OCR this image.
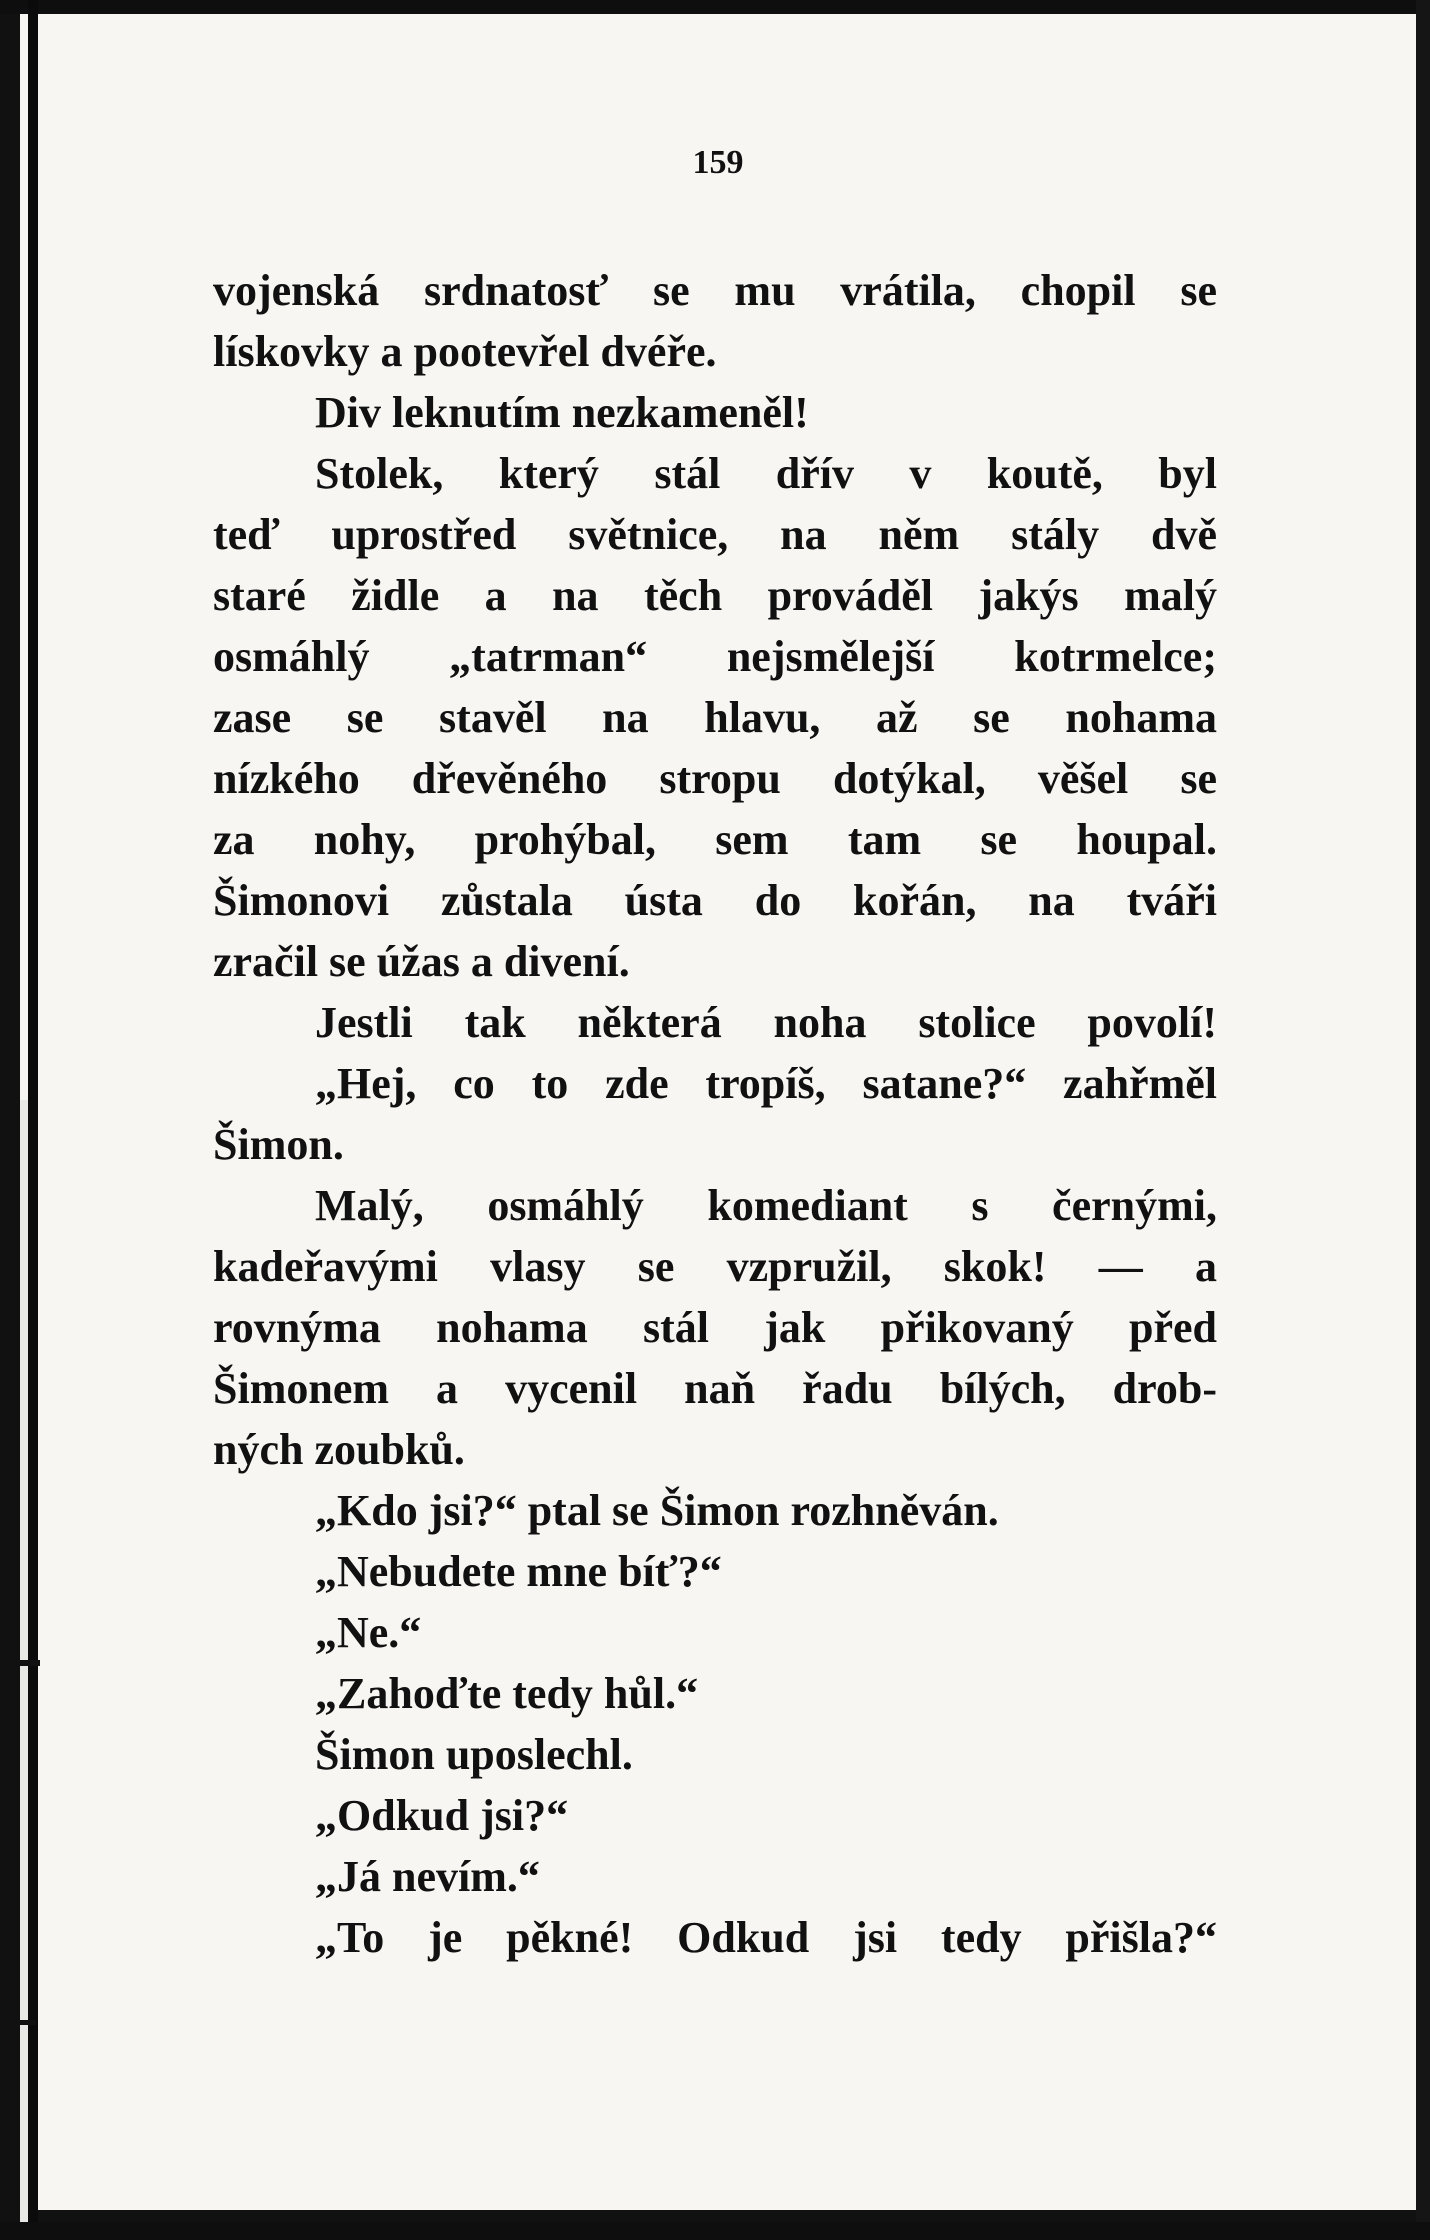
159

vojenská srdnatosť se mu vrátila, chopil se
lískovky a pootevřel dvéře.
Div leknutím nezkameněl!
Stolek, který stál dřív v koutě, byl
teď uprostřed světnice, na něm stály dvě
staré židle a na těch prováděl jakýs malý
osmáhlý „tatrman“ nejsmělejší kotrmelce;
zase se stavěl na hlavu, až se nohama
nízkého dřevěného stropu dotýkal, věšel se
za nohy, prohýbal, sem tam se houpal.
Šimonovi zůstala ústa do kořán, na tváři
zračil se úžas a divení.
Jestli tak některá noha stolice povolí!
„Hej, co to zde tropíš, satane?“ zahřměl
Šimon.
Malý, osmáhlý komediant s černými,
kadeřavými vlasy se vzpružil, skok! — a
rovnýma nohama stál jak přikovaný před
Šimonem a vycenil naň řadu bílých, drob-
ných zoubků.
„Kdo jsi?“ ptal se Šimon rozhněván.
„Nebudete mne bíť?“
„Ne.“
„Zahoďte tedy hůl.“
Šimon uposlechl.
„Odkud jsi?“
„Já nevím.“
„To je pěkné! Odkud jsi tedy přišla?“
